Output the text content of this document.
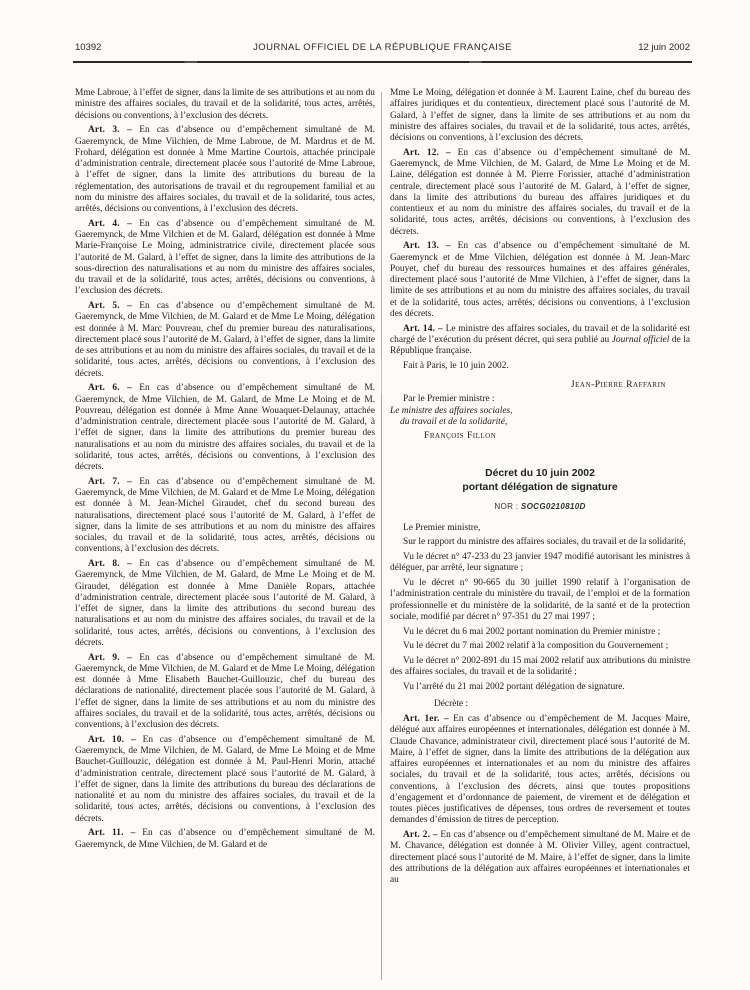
10392	JOURNAL OFFICIEL DE LA RÉPUBLIQUE FRANÇAISE	12 juin 2002

Mme Labroue, à l’effet de signer, dans la limite de ses attributions et au nom du ministre des affaires sociales, du travail et de la solidarité, tous actes, arrêtés, décisions ou conventions, à l’exclusion des décrets.

Art. 3. – En cas d’absence ou d’empêchement simultané de M. Gaeremynck, de Mme Vilchien, de Mme Labroue, de M. Mardrus et de M. Frohard, délégation est donnée à Mme Martine Courtois, attachée principale d’administration centrale, directement placée sous l’autorité de Mme Labroue, à l’effet de signer, dans la limite des attributions du bureau de la réglementation, des autorisations de travail et du regroupement familial et au nom du ministre des affaires sociales, du travail et de la solidarité, tous actes, arrêtés, décisions ou conventions, à l’exclusion des décrets.

Art. 4. – En cas d’absence ou d’empêchement simultané de M. Gaeremynck, de Mme Vilchien et de M. Galard, délégation est donnée à Mme Marie-Françoise Le Moing, administratrice civile, directement placée sous l’autorité de M. Galard, à l’effet de signer, dans la limite des attributions de la sous-direction des naturalisations et au nom du ministre des affaires sociales, du travail et de la solidarité, tous actes, arrêtés, décisions ou conventions, à l’exclusion des décrets.

Art. 5. – En cas d’absence ou d’empêchement simultané de M. Gaeremynck, de Mme Vilchien, de M. Galard et de Mme Le Moing, délégation est donnée à M. Marc Pouvreau, chef du premier bureau des naturalisations, directement placé sous l’autorité de M. Galard, à l’effet de signer, dans la limite de ses attributions et au nom du ministre des affaires sociales, du travail et de la solidarité, tous actes, arrêtés, décisions ou conventions, à l’exclusion des décrets.

Art. 6. – En cas d’absence ou d’empêchement simultané de M. Gaeremynck, de Mme Vilchien, de M. Galard, de Mme Le Moing et de M. Pouvreau, délégation est donnée à Mme Anne Wouaquet-Delaunay, attachée d’administration centrale, directement placée sous l’autorité de M. Galard, à l’effet de signer, dans la limite des attributions du premier bureau des naturalisations et au nom du ministre des affaires sociales, du travail et de la solidarité, tous actes, arrêtés, décisions ou conventions, à l’exclusion des décrets.

Art. 7. – En cas d’absence ou d’empêchement simultané de M. Gaeremynck, de Mme Vilchien, de M. Galard et de Mme Le Moing, délégation est donnée à M. Jean-Michel Giraudet, chef du second bureau des naturalisations, directement placé sous l’autorité de M. Galard, à l’effet de signer, dans la limite de ses attributions et au nom du ministre des affaires sociales, du travail et de la solidarité, tous actes, arrêtés, décisions ou conventions, à l’exclusion des décrets.

Art. 8. – En cas d’absence ou d’empêchement simultané de M. Gaeremynck, de Mme Vilchien, de M. Galard, de Mme Le Moing et de M. Giraudet, délégation est donnée à Mme Danièle Ropars, attachée d’administration centrale, directement placée sous l’autorité de M. Galard, à l’effet de signer, dans la limite des attributions du second bureau des naturalisations et au nom du ministre des affaires sociales, du travail et de la solidarité, tous actes, arrêtés, décisions ou conventions, à l’exclusion des décrets.

Art. 9. – En cas d’absence ou d’empêchement simultané de M. Gaeremynck, de Mme Vilchien, de M. Galard et de Mme Le Moing, délégation est donnée à Mme Elisabeth Bauchet-Guillouzic, chef du bureau des déclarations de nationalité, directement placée sous l’autorité de M. Galard, à l’effet de signer, dans la limite de ses attributions et au nom du ministre des affaires sociales, du travail et de la solidarité, tous actes, arrêtés, décisions ou conventions, à l’exclusion des décrets.

Art. 10. – En cas d’absence ou d’empêchement simultané de M. Gaeremynck, de Mme Vilchien, de M. Galard, de Mme Le Moing et de Mme Bauchet-Guillouzic, délégation est donnée à M. Paul-Henri Morin, attaché d’administration centrale, directement placé sous l’autorité de M. Galard, à l’effet de signer, dans la limite des attributions du bureau des déclarations de nationalité et au nom du ministre des affaires sociales, du travail et de la solidarité, tous actes, arrêtés, décisions ou conventions, à l’exclusion des décrets.

Art. 11. – En cas d’absence ou d’empêchement simultané de M. Gaeremynck, de Mme Vilchien, de M. Galard et de

Mme Le Moing, délégation et donnée à M. Laurent Laine, chef du bureau des affaires juridiques et du contentieux, directement placé sous l’autorité de M. Galard, à l’effet de signer, dans la limite de ses attributions et au nom du ministre des affaires sociales, du travail et de la solidarité, tous actes, arrêtés, décisions ou conventions, à l’exclusion des décrets.

Art. 12. – En cas d’absence ou d’empêchement simultané de M. Gaeremynck, de Mme Vilchien, de M. Galard, de Mme Le Moing et de M. Laine, délégation est donnée à M. Pierre Forissier, attaché d’administration centrale, directement placé sous l’autorité de M. Galard, à l’effet de signer, dans la limite des attributions du bureau des affaires juridiques et du contentieux et au nom du ministre des affaires sociales, du travail et de la solidarité, tous actes, arrêtés, décisions ou conventions, à l’exclusion des décrets.

Art. 13. – En cas d’absence ou d’empêchement simultané de M. Gaeremynck et de Mme Vilchien, délégation est donnée à M. Jean-Marc Pouyet, chef du bureau des ressources humaines et des affaires générales, directement placé sous l’autorité de Mme Vilchien, à l’effet de signer, dans la limite de ses attributions et au nom du ministre des affaires sociales, du travail et de la solidarité, tous actes, arrêtés, décisions ou conventions, à l’exclusion des décrets.

Art. 14. – Le ministre des affaires sociales, du travail et de la solidarité est chargé de l’exécution du présent décret, qui sera publié au Journal officiel de la République française.

Fait à Paris, le 10 juin 2002.

Jean-Pierre Raffarin

Par le Premier ministre :

Le ministre des affaires sociales,
du travail et de la solidarité,

François Fillon

Décret du 10 juin 2002
portant délégation de signature

NOR : SOCG0210810D

Le Premier ministre,

Sur le rapport du ministre des affaires sociales, du travail et de la solidarité,

Vu le décret n° 47-233 du 23 janvier 1947 modifié autorisant les ministres à déléguer, par arrêté, leur signature ;

Vu le décret n° 90-665 du 30 juillet 1990 relatif à l’organisation de l’administration centrale du ministère du travail, de l’emploi et de la formation professionnelle et du ministère de la solidarité, de la santé et de la protection sociale, modifié par décret n° 97-351 du 27 mai 1997 ;

Vu le décret du 6 mai 2002 portant nomination du Premier ministre ;

Vu le décret du 7 mai 2002 relatif à la composition du Gouvernement ;

Vu le décret n° 2002-891 du 15 mai 2002 relatif aux attributions du ministre des affaires sociales, du travail et de la solidarité ;

Vu l’arrêté du 21 mai 2002 portant délégation de signature.

Décrète :

Art. 1er. – En cas d’absence ou d’empêchement de M. Jacques Maire, délégué aux affaires européennes et internationales, délégation est donnée à M. Claude Chavance, administrateur civil, directement placé sous l’autorité de M. Maire, à l’effet de signer, dans la limite des attributions de la délégation aux affaires européennes et internationales et au nom du ministre des affaires sociales, du travail et de la solidarité, tous actes, arrêtés, décisions ou conventions, à l’exclusion des décrets, ainsi que toutes propositions d’engagement et d’ordonnance de paiement, de virement et de délégation et toutes pièces justificatives de dépenses, tous ordres de reversement et toutes demandes d’émission de titres de perception.

Art. 2. – En cas d’absence ou d’empêchement simultané de M. Maire et de M. Chavance, délégation est donnée à M. Olivier Villey, agent contractuel, directement placé sous l’autorité de M. Maire, à l’effet de signer, dans la limite des attributions de la délégation aux affaires européennes et internationales et au
